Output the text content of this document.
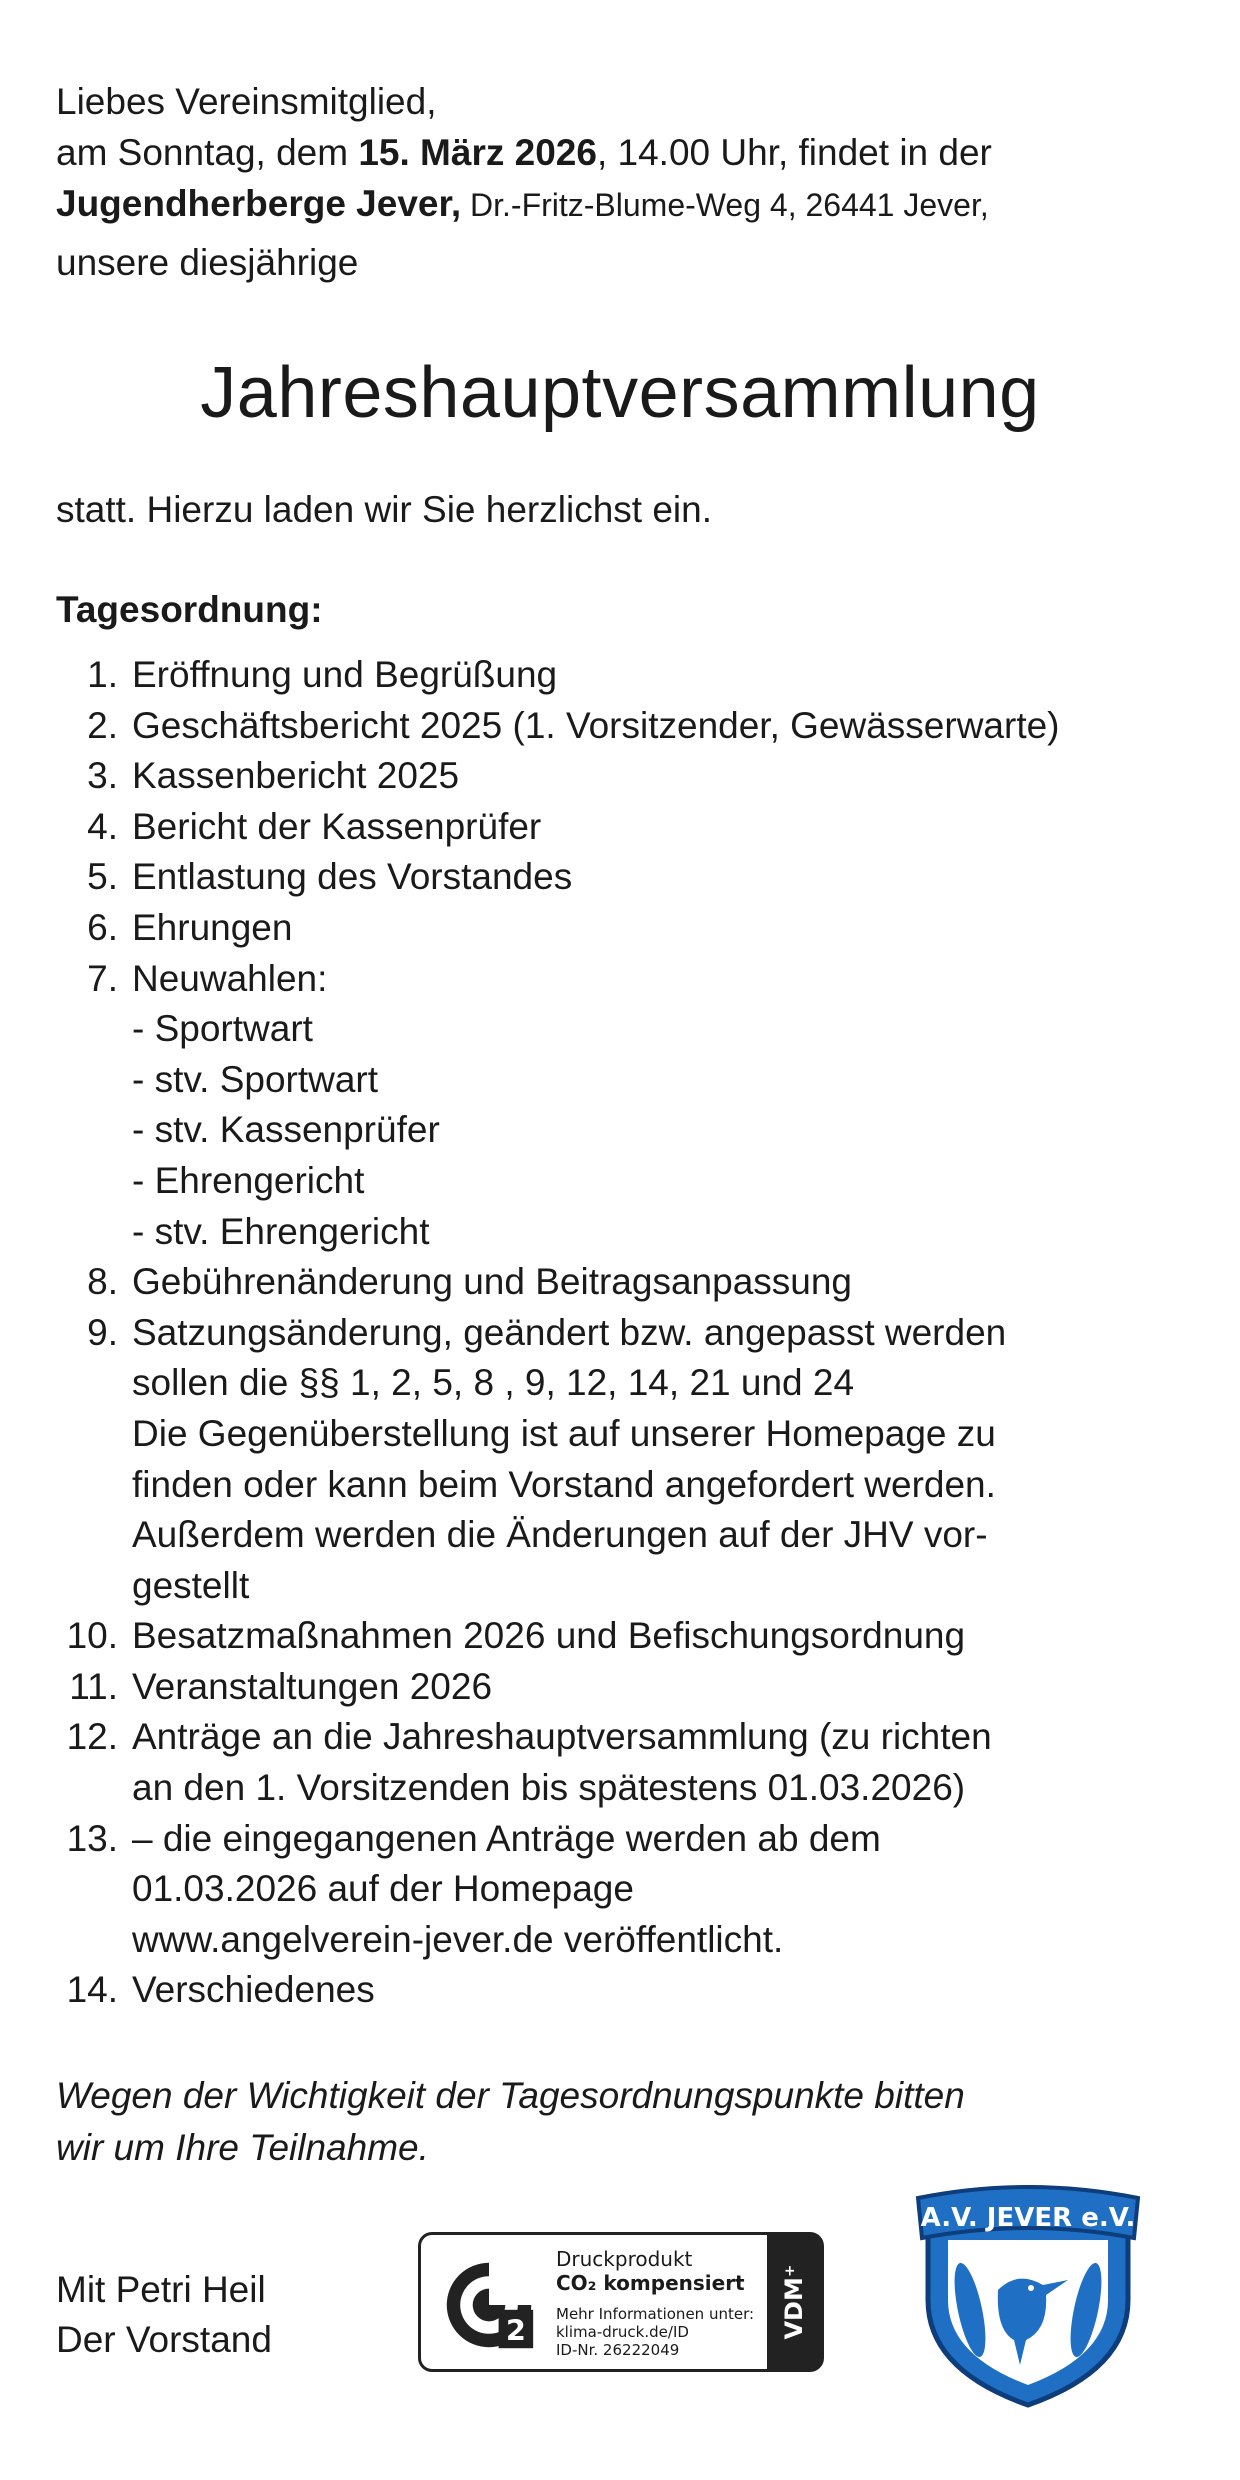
Liebes Vereinsmitglied,
am Sonntag, dem 15. März 2026, 14.00 Uhr, findet in der
Jugendherberge Jever, Dr.-Fritz-Blume-Weg 4, 26441 Jever,
unsere diesjährige
Jahreshauptversammlung
statt. Hierzu laden wir Sie herzlichst ein.
Tagesordnung:
1. Eröffnung und Begrüßung
2. Geschäftsbericht 2025 (1. Vorsitzender, Gewässerwarte)
3. Kassenbericht 2025
4. Bericht der Kassenprüfer
5. Entlastung des Vorstandes
6. Ehrungen
7. Neuwahlen:
- Sportwart
- stv. Sportwart
- stv. Kassenprüfer
- Ehrengericht
- stv. Ehrengericht
8. Gebührenänderung und Beitragsanpassung
9. Satzungsänderung, geändert bzw. angepasst werden
sollen die §§ 1, 2, 5, 8 , 9, 12, 14, 21 und 24
Die Gegenüberstellung ist auf unserer Homepage zu
finden oder kann beim Vorstand angefordert werden.
Außerdem werden die Änderungen auf der JHV vor-
gestellt
10. Besatzmaßnahmen 2026 und Befischungsordnung
11. Veranstaltungen 2026
12. Anträge an die Jahreshauptversammlung (zu richten
an den 1. Vorsitzenden bis spätestens 01.03.2026)
13. – die eingegangenen Anträge werden ab dem
01.03.2026 auf der Homepage
www.angelverein-jever.de veröffentlicht.
14. Verschiedenes
Wegen der Wichtigkeit der Tagesordnungspunkte bitten
wir um Ihre Teilnahme.
Mit Petri Heil
Der Vorstand	2
Druckprodukt
CO₂ kompensiert
Mehr Informationen unter:
klima-druck.de/ID
ID-Nr. 26222049
VDM⁺
A.V. JEVER e.V.
